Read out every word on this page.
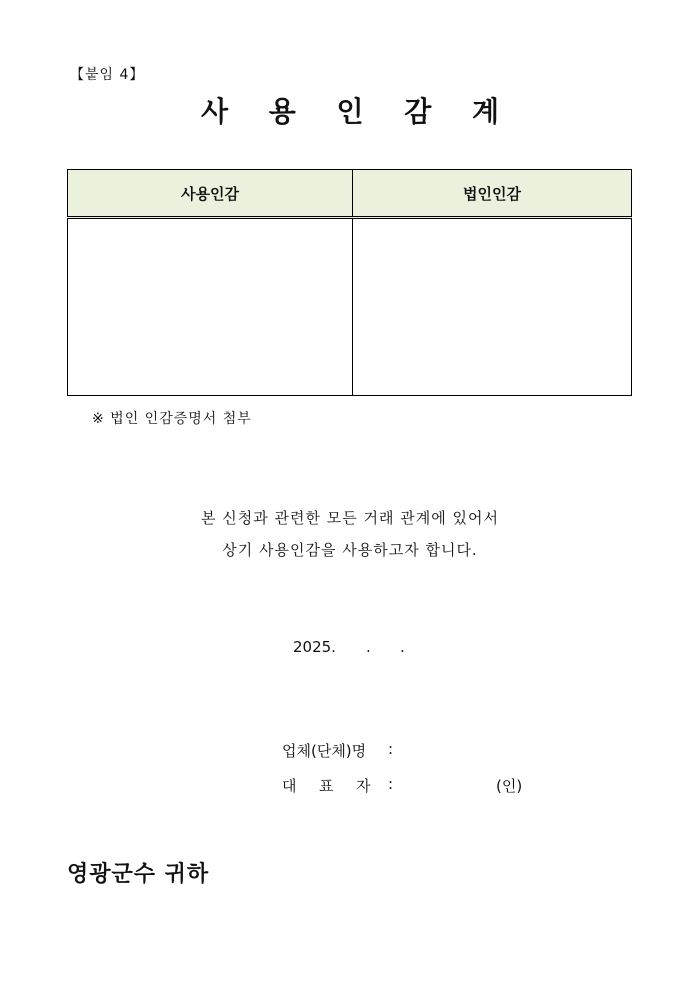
【붙임 4】
사 용 인 감 계
사용인감	법인인감

※ 법인 인감증명서 첨부
본 신청과 관련한 모든 거래 관계에 있어서
상기 사용인감을 사용하고자 합니다.
2025. . .
업체(단체)명 :
대 표 자	:	(인)
영광군수 귀하
